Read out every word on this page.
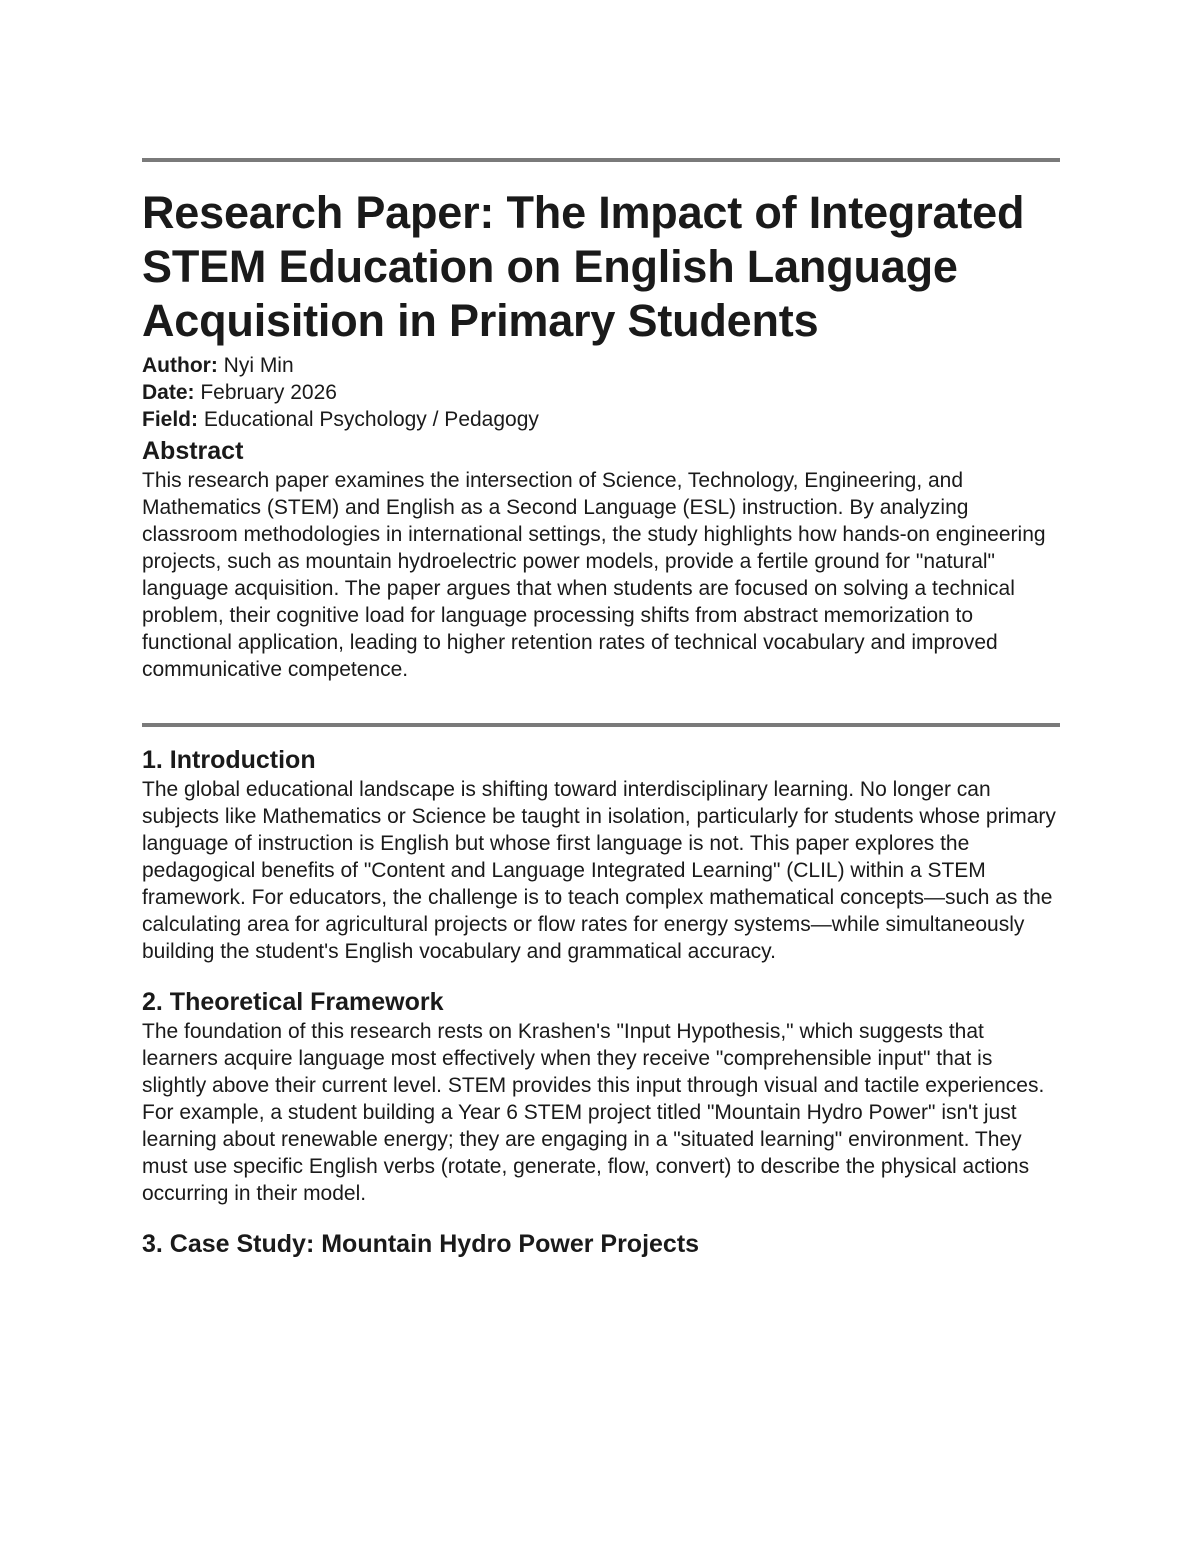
Research Paper: The Impact of Integrated STEM Education on English Language Acquisition in Primary Students
Author: Nyi Min
Date: February 2026
Field: Educational Psychology / Pedagogy
Abstract

This research paper examines the intersection of Science, Technology, Engineering, and Mathematics (STEM) and English as a Second Language (ESL) instruction. By analyzing classroom methodologies in international settings, the study highlights how hands-on engineering projects, such as mountain hydroelectric power models, provide a fertile ground for "natural" language acquisition. The paper argues that when students are focused on solving a technical problem, their cognitive load for language processing shifts from abstract memorization to functional application, leading to higher retention rates of technical vocabulary and improved communicative competence.

1. Introduction

The global educational landscape is shifting toward interdisciplinary learning. No longer can subjects like Mathematics or Science be taught in isolation, particularly for students whose primary language of instruction is English but whose first language is not. This paper explores the pedagogical benefits of "Content and Language Integrated Learning" (CLIL) within a STEM framework. For educators, the challenge is to teach complex mathematical concepts—such as the calculating area for agricultural projects or flow rates for energy systems—while simultaneously building the student's English vocabulary and grammatical accuracy.

2. Theoretical Framework

The foundation of this research rests on Krashen's "Input Hypothesis," which suggests that learners acquire language most effectively when they receive "comprehensible input" that is slightly above their current level. STEM provides this input through visual and tactile experiences. For example, a student building a Year 6 STEM project titled "Mountain Hydro Power" isn't just learning about renewable energy; they are engaging in a "situated learning" environment. They must use specific English verbs (rotate, generate, flow, convert) to describe the physical actions occurring in their model.

3. Case Study: Mountain Hydro Power Projects
